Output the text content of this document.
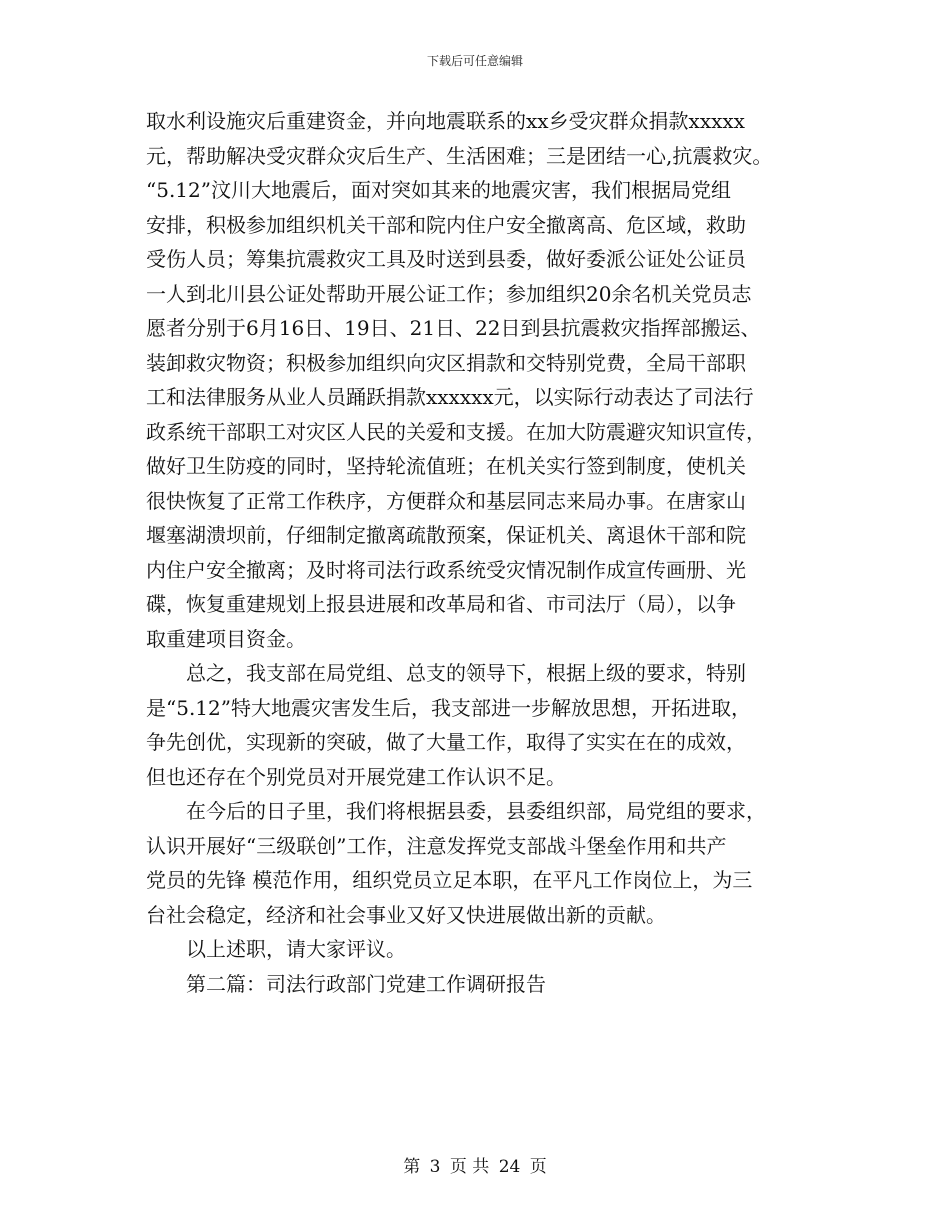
下载后可任意编辑
取水利设施灾后重建资金，并向地震联系的xx乡受灾群众捐款xxxxx
元，帮助解决受灾群众灾后生产、生活困难；三是团结一心,抗震救灾。
“5.12”汶川大地震后，面对突如其来的地震灾害，我们根据局党组
安排，积极参加组织机关干部和院内住户安全撤离高、危区域，救助
受伤人员；筹集抗震救灾工具及时送到县委，做好委派公证处公证员
一人到北川县公证处帮助开展公证工作；参加组织20余名机关党员志
愿者分别于6月16日、19日、21日、22日到县抗震救灾指挥部搬运、
装卸救灾物资；积极参加组织向灾区捐款和交特别党费，全局干部职
工和法律服务从业人员踊跃捐款xxxxxx元，以实际行动表达了司法行
政系统干部职工对灾区人民的关爱和支援。在加大防震避灾知识宣传，
做好卫生防疫的同时，坚持轮流值班；在机关实行签到制度，使机关
很快恢复了正常工作秩序，方便群众和基层同志来局办事。在唐家山
堰塞湖溃坝前，仔细制定撤离疏散预案，保证机关、离退休干部和院
内住户安全撤离；及时将司法行政系统受灾情况制作成宣传画册、光
碟，恢复重建规划上报县进展和改革局和省、市司法厅（局），以争
取重建项目资金。
总之，我支部在局党组、总支的领导下，根据上级的要求，特别
是“5.12”特大地震灾害发生后，我支部进一步解放思想，开拓进取，
争先创优，实现新的突破，做了大量工作，取得了实实在在的成效，
但也还存在个别党员对开展党建工作认识不足。
在今后的日子里，我们将根据县委，县委组织部，局党组的要求，
认识开展好“三级联创”工作，注意发挥党支部战斗堡垒作用和共产
党员的先锋 模范作用，组织党员立足本职，在平凡工作岗位上，为三
台社会稳定，经济和社会事业又好又快进展做出新的贡献。
以上述职，请大家评议。
第二篇：司法行政部门党建工作调研报告
第 3 页 共 24 页
